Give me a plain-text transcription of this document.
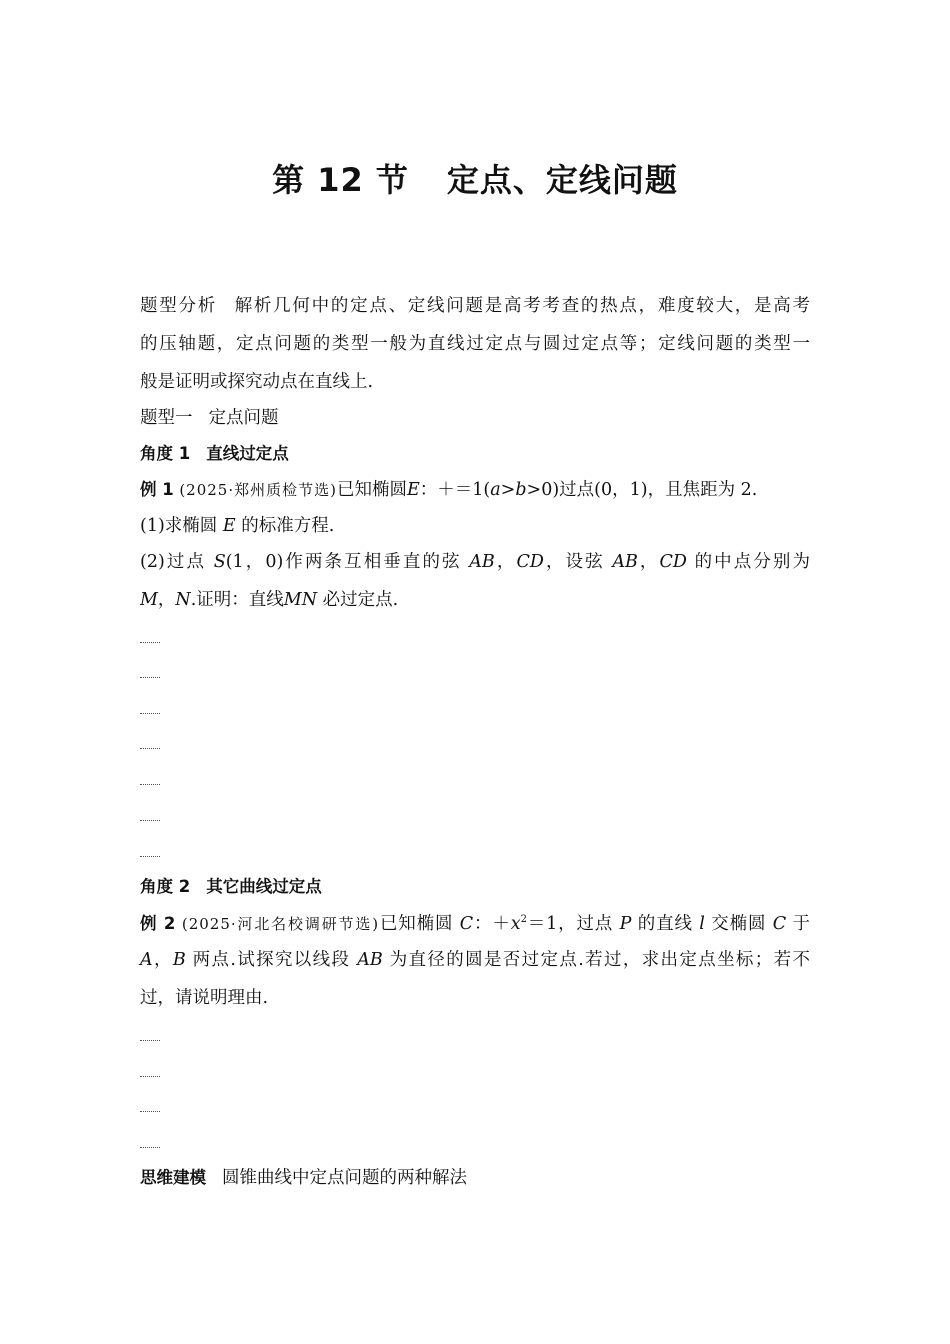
第 12 节 定点、定线问题
题型分析 解析几何中的定点、定线问题是高考考查的热点，难度较大，是高考
的压轴题，定点问题的类型一般为直线过定点与圆过定点等；定线问题的类型一
般是证明或探究动点在直线上.
题型一 定点问题
角度 1 直线过定点
例 1 (2025·郑州质检节选)已知椭圆E：＋＝1(a>b>0)过点(0，1)，且焦距为 2.
(1)求椭圆 E 的标准方程.
(2)过点 S(1，0)作两条互相垂直的弦 AB，CD，设弦 AB，CD 的中点分别为
M，N.证明：直线MN 必过定点.
角度 2 其它曲线过定点
例 2 (2025·河北名校调研节选)已知椭圆 C：$+x^2=1$，过点 P 的直线 l 交椭圆 C 于
A，B 两点.试探究以线段 AB 为直径的圆是否过定点.若过，求出定点坐标；若不
过，请说明理由.
思维建模 圆锥曲线中定点问题的两种解法
